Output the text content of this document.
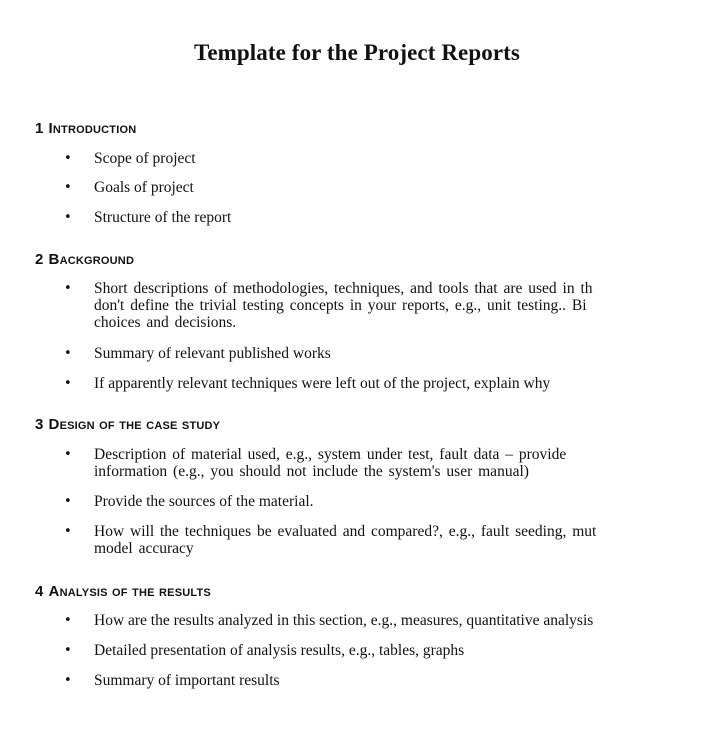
Template for the Project Reports
1 Introduction
• Scope of project

• Goals of project

• Structure of the report

2 Background
• Short descriptions of methodologies, techniques, and tools that are used in th
don't define the trivial testing concepts in your reports, e.g., unit testing.. Bi
choices and decisions.

• Summary of relevant published works

• If apparently relevant techniques were left out of the project, explain why

3 Design of the case study
• Description of material used, e.g., system under test, fault data – provide
information (e.g., you should not include the system's user manual)

• Provide the sources of the material.

• How will the techniques be evaluated and compared?, e.g., fault seeding, mut
model accuracy

4 Analysis of the results
• How are the results analyzed in this section, e.g., measures, quantitative analysis

• Detailed presentation of analysis results, e.g., tables, graphs

• Summary of important results
